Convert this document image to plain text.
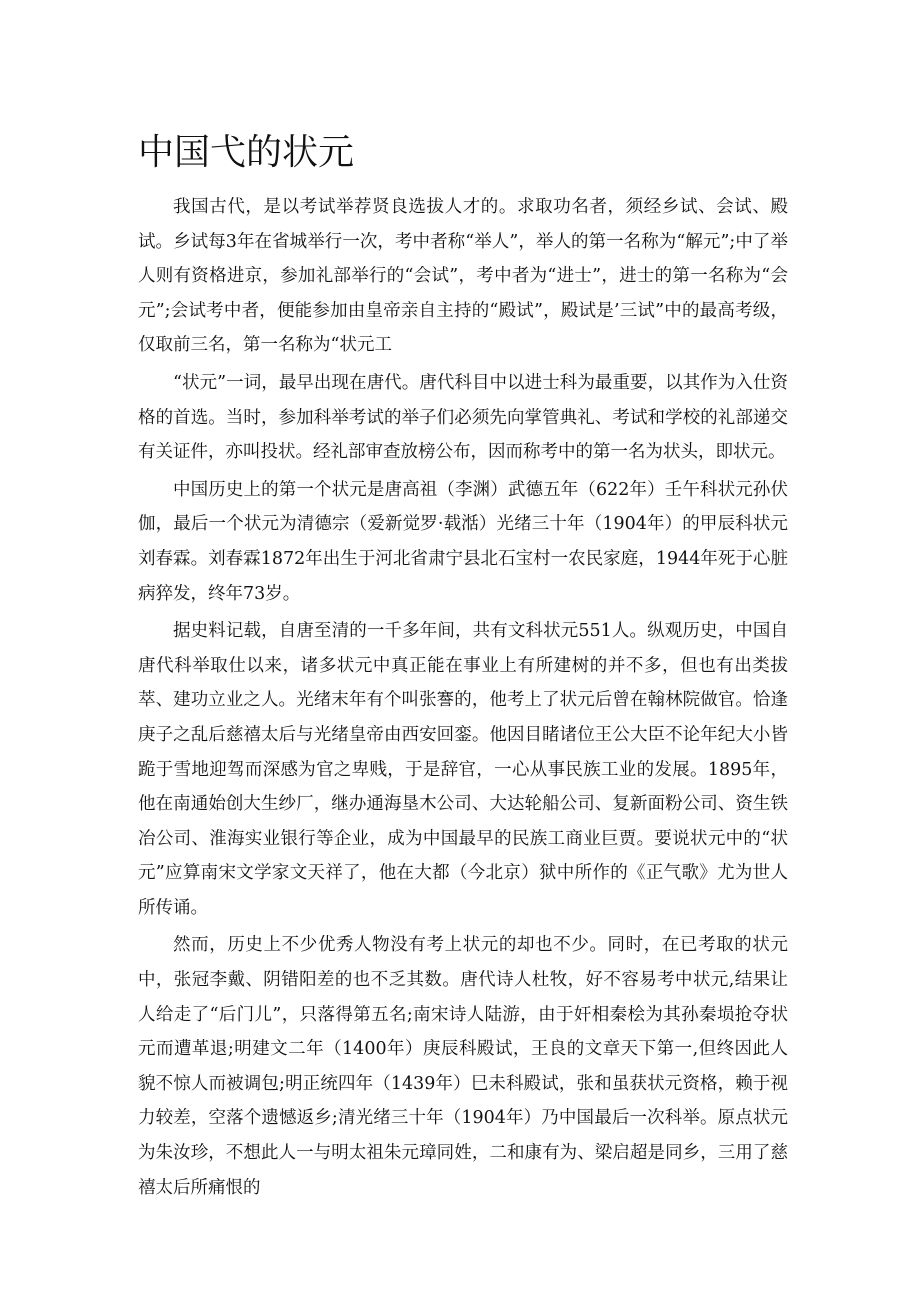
中国弋的状元

我国古代，是以考试举荐贤良选拔人才的。求取功名者，须经乡试、会试、殿试。乡试每3年在省城举行一次，考中者称“举人”，举人的第一名称为“解元”;中了举人则有资格进京，参加礼部举行的“会试”，考中者为“进士”，进士的第一名称为“会元”;会试考中者，便能参加由皇帝亲自主持的“殿试”，殿试是’三试”中的最高考级，仅取前三名，第一名称为“状元工

“状元”一词，最早出现在唐代。唐代科目中以进士科为最重要，以其作为入仕资格的首选。当时，参加科举考试的举子们必须先向掌管典礼、考试和学校的礼部递交有关证件，亦叫投状。经礼部审查放榜公布，因而称考中的第一名为状头，即状元。

中国历史上的第一个状元是唐高祖（李渊）武德五年（622年）壬午科状元孙伏伽，最后一个状元为清德宗（爱新觉罗·载湉）光绪三十年（1904年）的甲辰科状元刘春霖。刘春霖1872年出生于河北省肃宁县北石宝村一农民家庭，1944年死于心脏病猝发，终年73岁。

据史料记载，自唐至清的一千多年间，共有文科状元551人。纵观历史，中国自唐代科举取仕以来，诸多状元中真正能在事业上有所建树的并不多，但也有出类拔萃、建功立业之人。光绪末年有个叫张謇的，他考上了状元后曾在翰林院做官。恰逢庚子之乱后慈禧太后与光绪皇帝由西安回銮。他因目睹诸位王公大臣不论年纪大小皆跪于雪地迎驾而深感为官之卑贱，于是辞官，一心从事民族工业的发展。1895年，他在南通始创大生纱厂，继办通海垦木公司、大达轮船公司、复新面粉公司、资生铁冶公司、淮海实业银行等企业，成为中国最早的民族工商业巨贾。要说状元中的“状元”应算南宋文学家文天祥了，他在大都（今北京）狱中所作的《正气歌》尤为世人所传诵。

然而，历史上不少优秀人物没有考上状元的却也不少。同时，在已考取的状元中，张冠李戴、阴错阳差的也不乏其数。唐代诗人杜牧，好不容易考中状元,结果让人给走了“后门儿”，只落得第五名;南宋诗人陆游，由于奸相秦桧为其孙秦埙抢夺状元而遭革退;明建文二年（1400年）庚辰科殿试，王良的文章天下第一,但终因此人貌不惊人而被调包;明正统四年（1439年）巳未科殿试，张和虽获状元资格，赖于视力较差，空落个遗憾返乡;清光绪三十年（1904年）乃中国最后一次科举。原点状元为朱汝珍，不想此人一与明太祖朱元璋同姓，二和康有为、梁启超是同乡，三用了慈禧太后所痛恨的
